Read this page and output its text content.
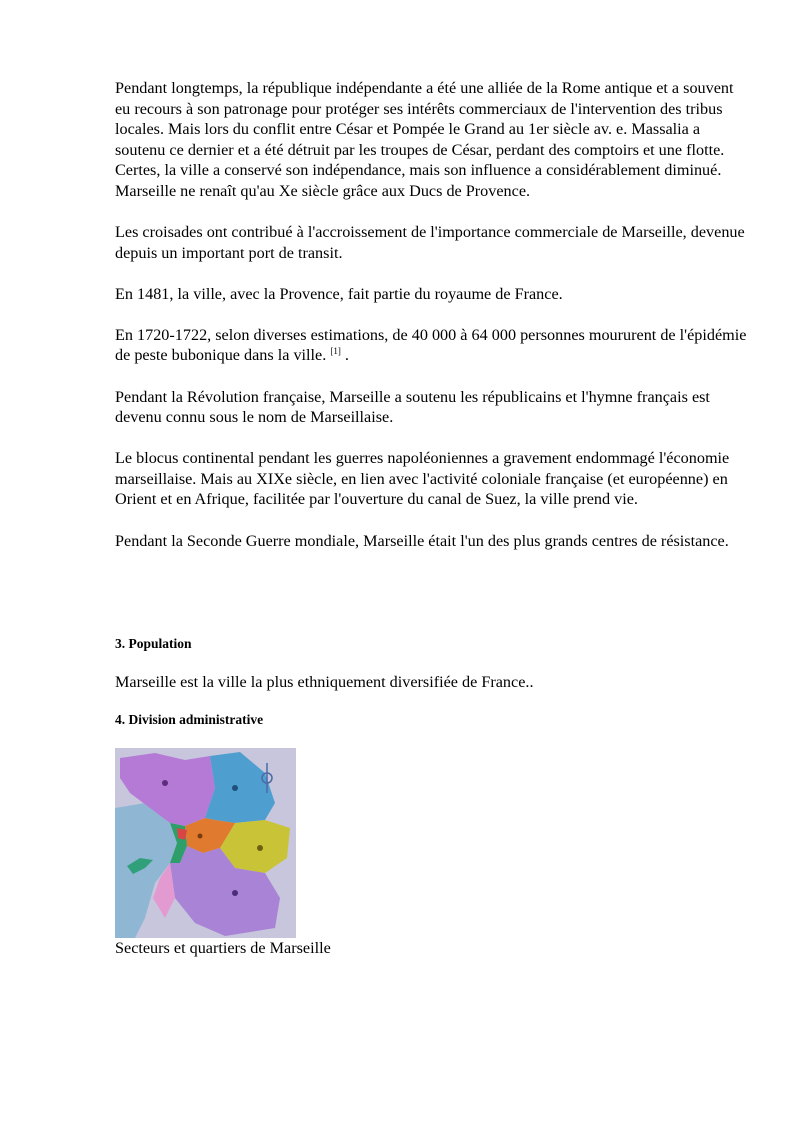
Pendant longtemps, la république indépendante a été une alliée de la Rome antique et a souvent eu recours à son patronage pour protéger ses intérêts commerciaux de l'intervention des tribus locales. Mais lors du conflit entre César et Pompée le Grand au 1er siècle av. e. Massalia a soutenu ce dernier et a été détruit par les troupes de César, perdant des comptoirs et une flotte. Certes, la ville a conservé son indépendance, mais son influence a considérablement diminué. Marseille ne renaît qu'au Xe siècle grâce aux Ducs de Provence.

Les croisades ont contribué à l'accroissement de l'importance commerciale de Marseille, devenue depuis un important port de transit.

En 1481, la ville, avec la Provence, fait partie du royaume de France.

En 1720-1722, selon diverses estimations, de 40 000 à 64 000 personnes moururent de l'épidémie de peste bubonique dans la ville. [1] .

Pendant la Révolution française, Marseille a soutenu les républicains et l'hymne français est devenu connu sous le nom de Marseillaise.

Le blocus continental pendant les guerres napoléoniennes a gravement endommagé l'économie marseillaise. Mais au XIXe siècle, en lien avec l'activité coloniale française (et européenne) en Orient et en Afrique, facilitée par l'ouverture du canal de Suez, la ville prend vie.

Pendant la Seconde Guerre mondiale, Marseille était l'un des plus grands centres de résistance.

3. Population

Marseille est la ville la plus ethniquement diversifiée de France..

4. Division administrative

Secteurs et quartiers de Marseille
